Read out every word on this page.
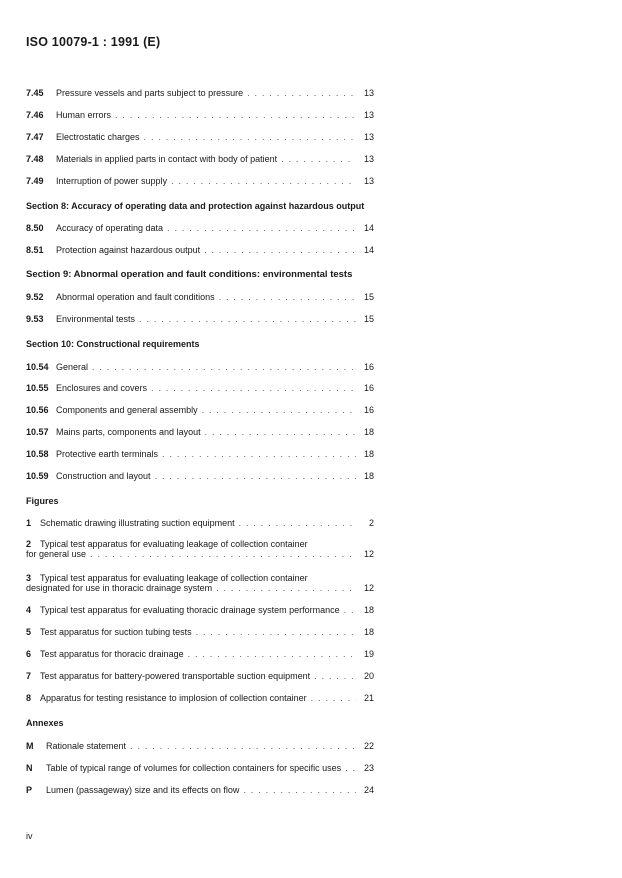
ISO 10079-1 : 1991 (E)
7.45	Pressure vessels and parts subject to pressure . . .	13
7.46	Human errors . . .	13
7.47	Electrostatic charges . . .	13
7.48	Materials in applied parts in contact with body of patient . . .	13
7.49	Interruption of power supply . . .	13
Section 8: Accuracy of operating data and protection against hazardous output
8.50	Accuracy of operating data . . .	14
8.51	Protection against hazardous output . . .	14
Section 9: Abnormal operation and fault conditions: environmental tests
9.52	Abnormal operation and fault conditions . . .	15
9.53	Environmental tests . . .	15
Section 10: Constructional requirements
10.54 General . . .	16
10.55 Enclosures and covers . . .	16
10.56 Components and general assembly . . .	16
10.57 Mains parts, components and layout . . .	18
10.58 Protective earth terminals . . .	18
10.59 Construction and layout . . .	18
Figures
1 Schematic drawing illustrating suction equipment . . .	2
2 Typical test apparatus for evaluating leakage of collection container
for general use . . .	12
3 Typical test apparatus for evaluating leakage of collection container
designated for use in thoracic drainage system . . .	12
4 Typical test apparatus for evaluating thoracic drainage system performance . . .	18
5 Test apparatus for suction tubing tests . . .	18
6 Test apparatus for thoracic drainage . . .	19
7 Test apparatus for battery-powered transportable suction equipment . . .	20
8 Apparatus for testing resistance to implosion of collection container . . .	21
Annexes
M	Rationale statement . . .	22
N	Table of typical range of volumes for collection containers for specific uses . . .	23
P	Lumen (passageway) size and its effects on flow . . .	24
iv
